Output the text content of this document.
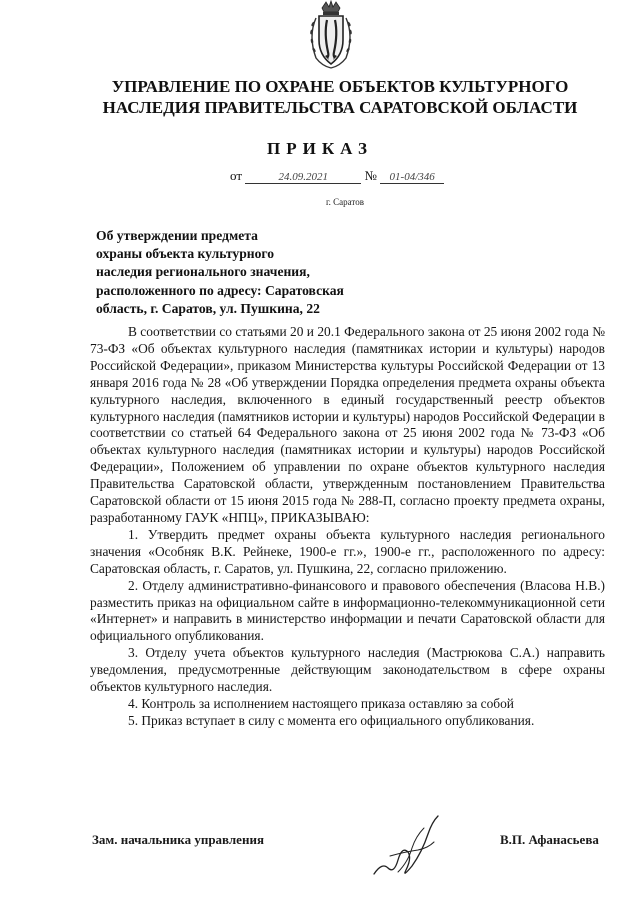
УПРАВЛЕНИЕ ПО ОХРАНЕ ОБЪЕКТОВ КУЛЬТУРНОГО
НАСЛЕДИЯ ПРАВИТЕЛЬСТВА САРАТОВСКОЙ ОБЛАСТИ
ПРИКАЗ
от	24.09.2021	№ 01-04/346
г. Саратов
Об утверждении предмета
охраны объекта культурного
наследия регионального значения,
расположенного по адресу: Саратовская
область, г. Саратов, ул. Пушкина, 22

В соответствии со статьями 20 и 20.1 Федерального закона от 25 июня 2002 года № 73-ФЗ «Об объектах культурного наследия (памятниках истории и культуры) народов Российской Федерации», приказом Министерства культуры Российской Федерации от 13 января 2016 года № 28 «Об утверждении Порядка определения предмета охраны объекта культурного наследия, включенного в единый государственный реестр объектов культурного наследия (памятников истории и культуры) народов Российской Федерации в соответствии со статьей 64 Федерального закона от 25 июня 2002 года № 73-ФЗ «Об объектах культурного наследия (памятниках истории и культуры) народов Российской Федерации», Положением об управлении по охране объектов культурного наследия Правительства Саратовской области, утвержденным постановлением Правительства Саратовской области от 15 июня 2015 года № 288-П, согласно проекту предмета охраны, разработанному ГАУК «НПЦ», ПРИКАЗЫВАЮ:

1. Утвердить предмет охраны объекта культурного наследия регионального значения «Особняк В.К. Рейнеке, 1900-е гг.», 1900-е гг., расположенного по адресу: Саратовская область, г. Саратов, ул. Пушкина, 22, согласно приложению.

2. Отделу административно-финансового и правового обеспечения (Власова Н.В.) разместить приказ на официальном сайте в информационно-телекоммуникационной сети «Интернет» и направить в министерство информации и печати Саратовской области для официального опубликования.

3. Отделу учета объектов культурного наследия (Мастрюкова С.А.) направить уведомления, предусмотренные действующим законодательством в сфере охраны объектов культурного наследия.

4. Контроль за исполнением настоящего приказа оставляю за собой

5. Приказ вступает в силу с момента его официального опубликования.

Зам. начальника управления	В.П. Афанасьева
